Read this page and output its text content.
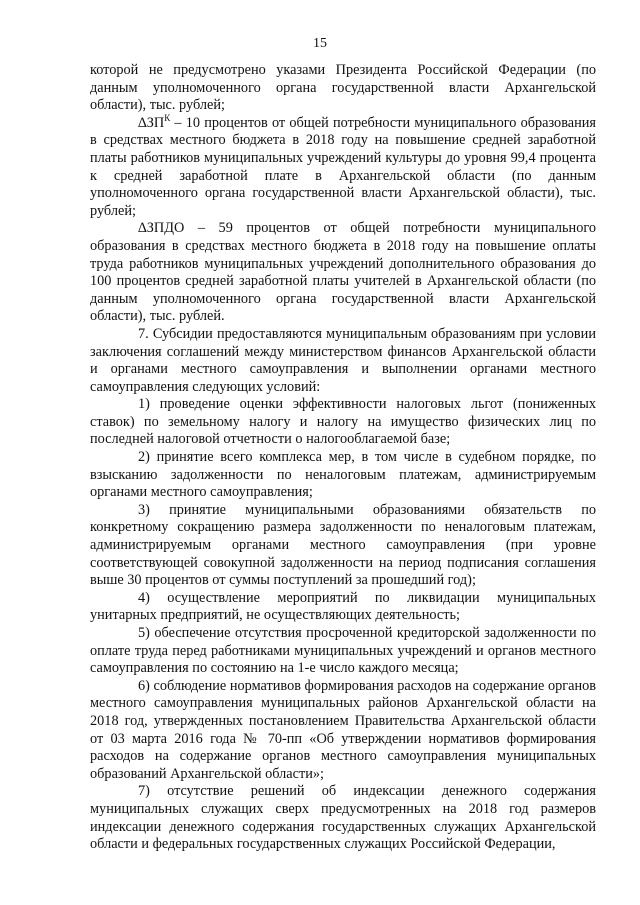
15

которой не предусмотрено указами Президента Российской Федерации (по данным уполномоченного органа государственной власти Архангельской области), тыс. рублей;

$\Delta ЗП^К - 10$ процентов от общей потребности муниципального образования в средствах местного бюджета в 2018 году на повышение средней заработной платы работников муниципальных учреждений культуры до уровня 99,4 процента к средней заработной плате в Архангельской области (по данным уполномоченного органа государственной власти Архангельской области), тыс. рублей;

∆ЗПДО – 59 процентов от общей потребности муниципального образования в средствах местного бюджета в 2018 году на повышение оплаты труда работников муниципальных учреждений дополнительного образования до 100 процентов средней заработной платы учителей в Архангельской области (по данным уполномоченного органа государственной власти Архангельской области), тыс. рублей.

7. Субсидии предоставляются муниципальным образованиям при условии заключения соглашений между министерством финансов Архангельской области и органами местного самоуправления и выполнении органами местного самоуправления следующих условий:

1) проведение оценки эффективности налоговых льгот (пониженных ставок) по земельному налогу и налогу на имущество физических лиц по последней налоговой отчетности о налогооблагаемой базе;

2) принятие всего комплекса мер, в том числе в судебном порядке, по взысканию задолженности по неналоговым платежам, администрируемым органами местного самоуправления;

3) принятие муниципальными образованиями обязательств по конкретному сокращению размера задолженности по неналоговым платежам, администрируемым органами местного самоуправления (при уровне соответствующей совокупной задолженности на период подписания соглашения выше 30 процентов от суммы поступлений за прошедший год);

4) осуществление мероприятий по ликвидации муниципальных унитарных предприятий, не осуществляющих деятельность;

5) обеспечение отсутствия просроченной кредиторской задолженности по оплате труда перед работниками муниципальных учреждений и органов местного самоуправления по состоянию на 1-е число каждого месяца;

6) соблюдение нормативов формирования расходов на содержание органов местного самоуправления муниципальных районов Архангельской области на 2018 год, утвержденных постановлением Правительства Архангельской области от 03 марта 2016 года № 70-пп «Об утверждении нормативов формирования расходов на содержание органов местного самоуправления муниципальных образований Архангельской области»;

7) отсутствие решений об индексации денежного содержания муниципальных служащих сверх предусмотренных на 2018 год размеров индексации денежного содержания государственных служащих Архангельской области и федеральных государственных служащих Российской Федерации,
